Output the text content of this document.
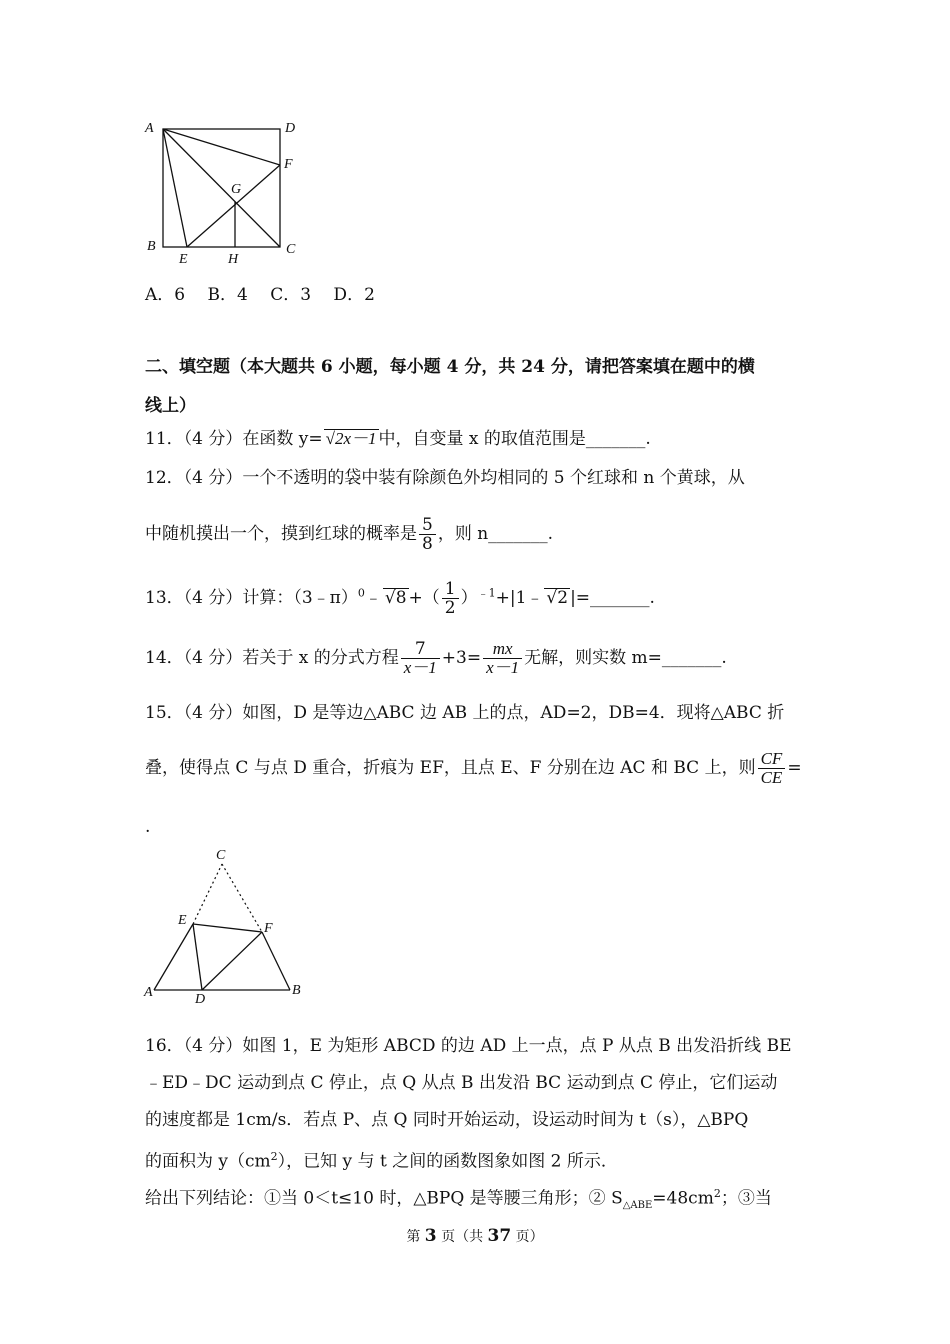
A	D
F
G
B	C
E	H
A．6　 B．4　 C．3　 D．2
二、填空题（本大题共 6 小题，每小题 4 分，共 24 分，请把答案填在题中的横
线上）
11．（4 分）在函数 y= √2x－1 中，自变量 x 的取值范围是_______.
12．（4 分）一个不透明的袋中装有除颜色外均相同的 5 个红球和 n 个黄球，从
中随机摸出一个，摸到红球的概率是 $\frac{5}{8}$ ，则 n_______.
13．（4 分）计算：（3﹣π）$^0$﹣ √8 +（ $\frac{1}{2}$ ）$^{﹣1}$+|1﹣ √2 |=_______.
14．（4 分）若关于 x 的分式方程 $\frac{7}{x-1} +3= \frac{mx}{x-1}$ 无解，则实数 m=_______.
15．（4 分）如图，D 是等边△ABC 边 AB 上的点，AD=2，DB=4．现将△ABC 折
叠，使得点 C 与点 D 重合，折痕为 EF，且点 E、F 分别在边 AC 和 BC 上，则 $\frac{CF}{CE}$ =
.
C
E
F
A	D
B
16．（4 分）如图 1，E 为矩形 ABCD 的边 AD 上一点，点 P 从点 B 出发沿折线 BE
﹣ED﹣DC 运动到点 C 停止，点 Q 从点 B 出发沿 BC 运动到点 C 停止，它们运动
的速度都是 1cm/s．若点 P、点 Q 同时开始运动，设运动时间为 t（s），△BPQ
的面积为 $y(cm^2)$，已知 y 与 t 之间的函数图象如图 2 所示．
给出下列结论：①当 0＜t≤10 时，△BPQ 是等腰三角形；② $S_{\triangle ABE}=48cm^2$；③当
第 3 页（共 37 页）
